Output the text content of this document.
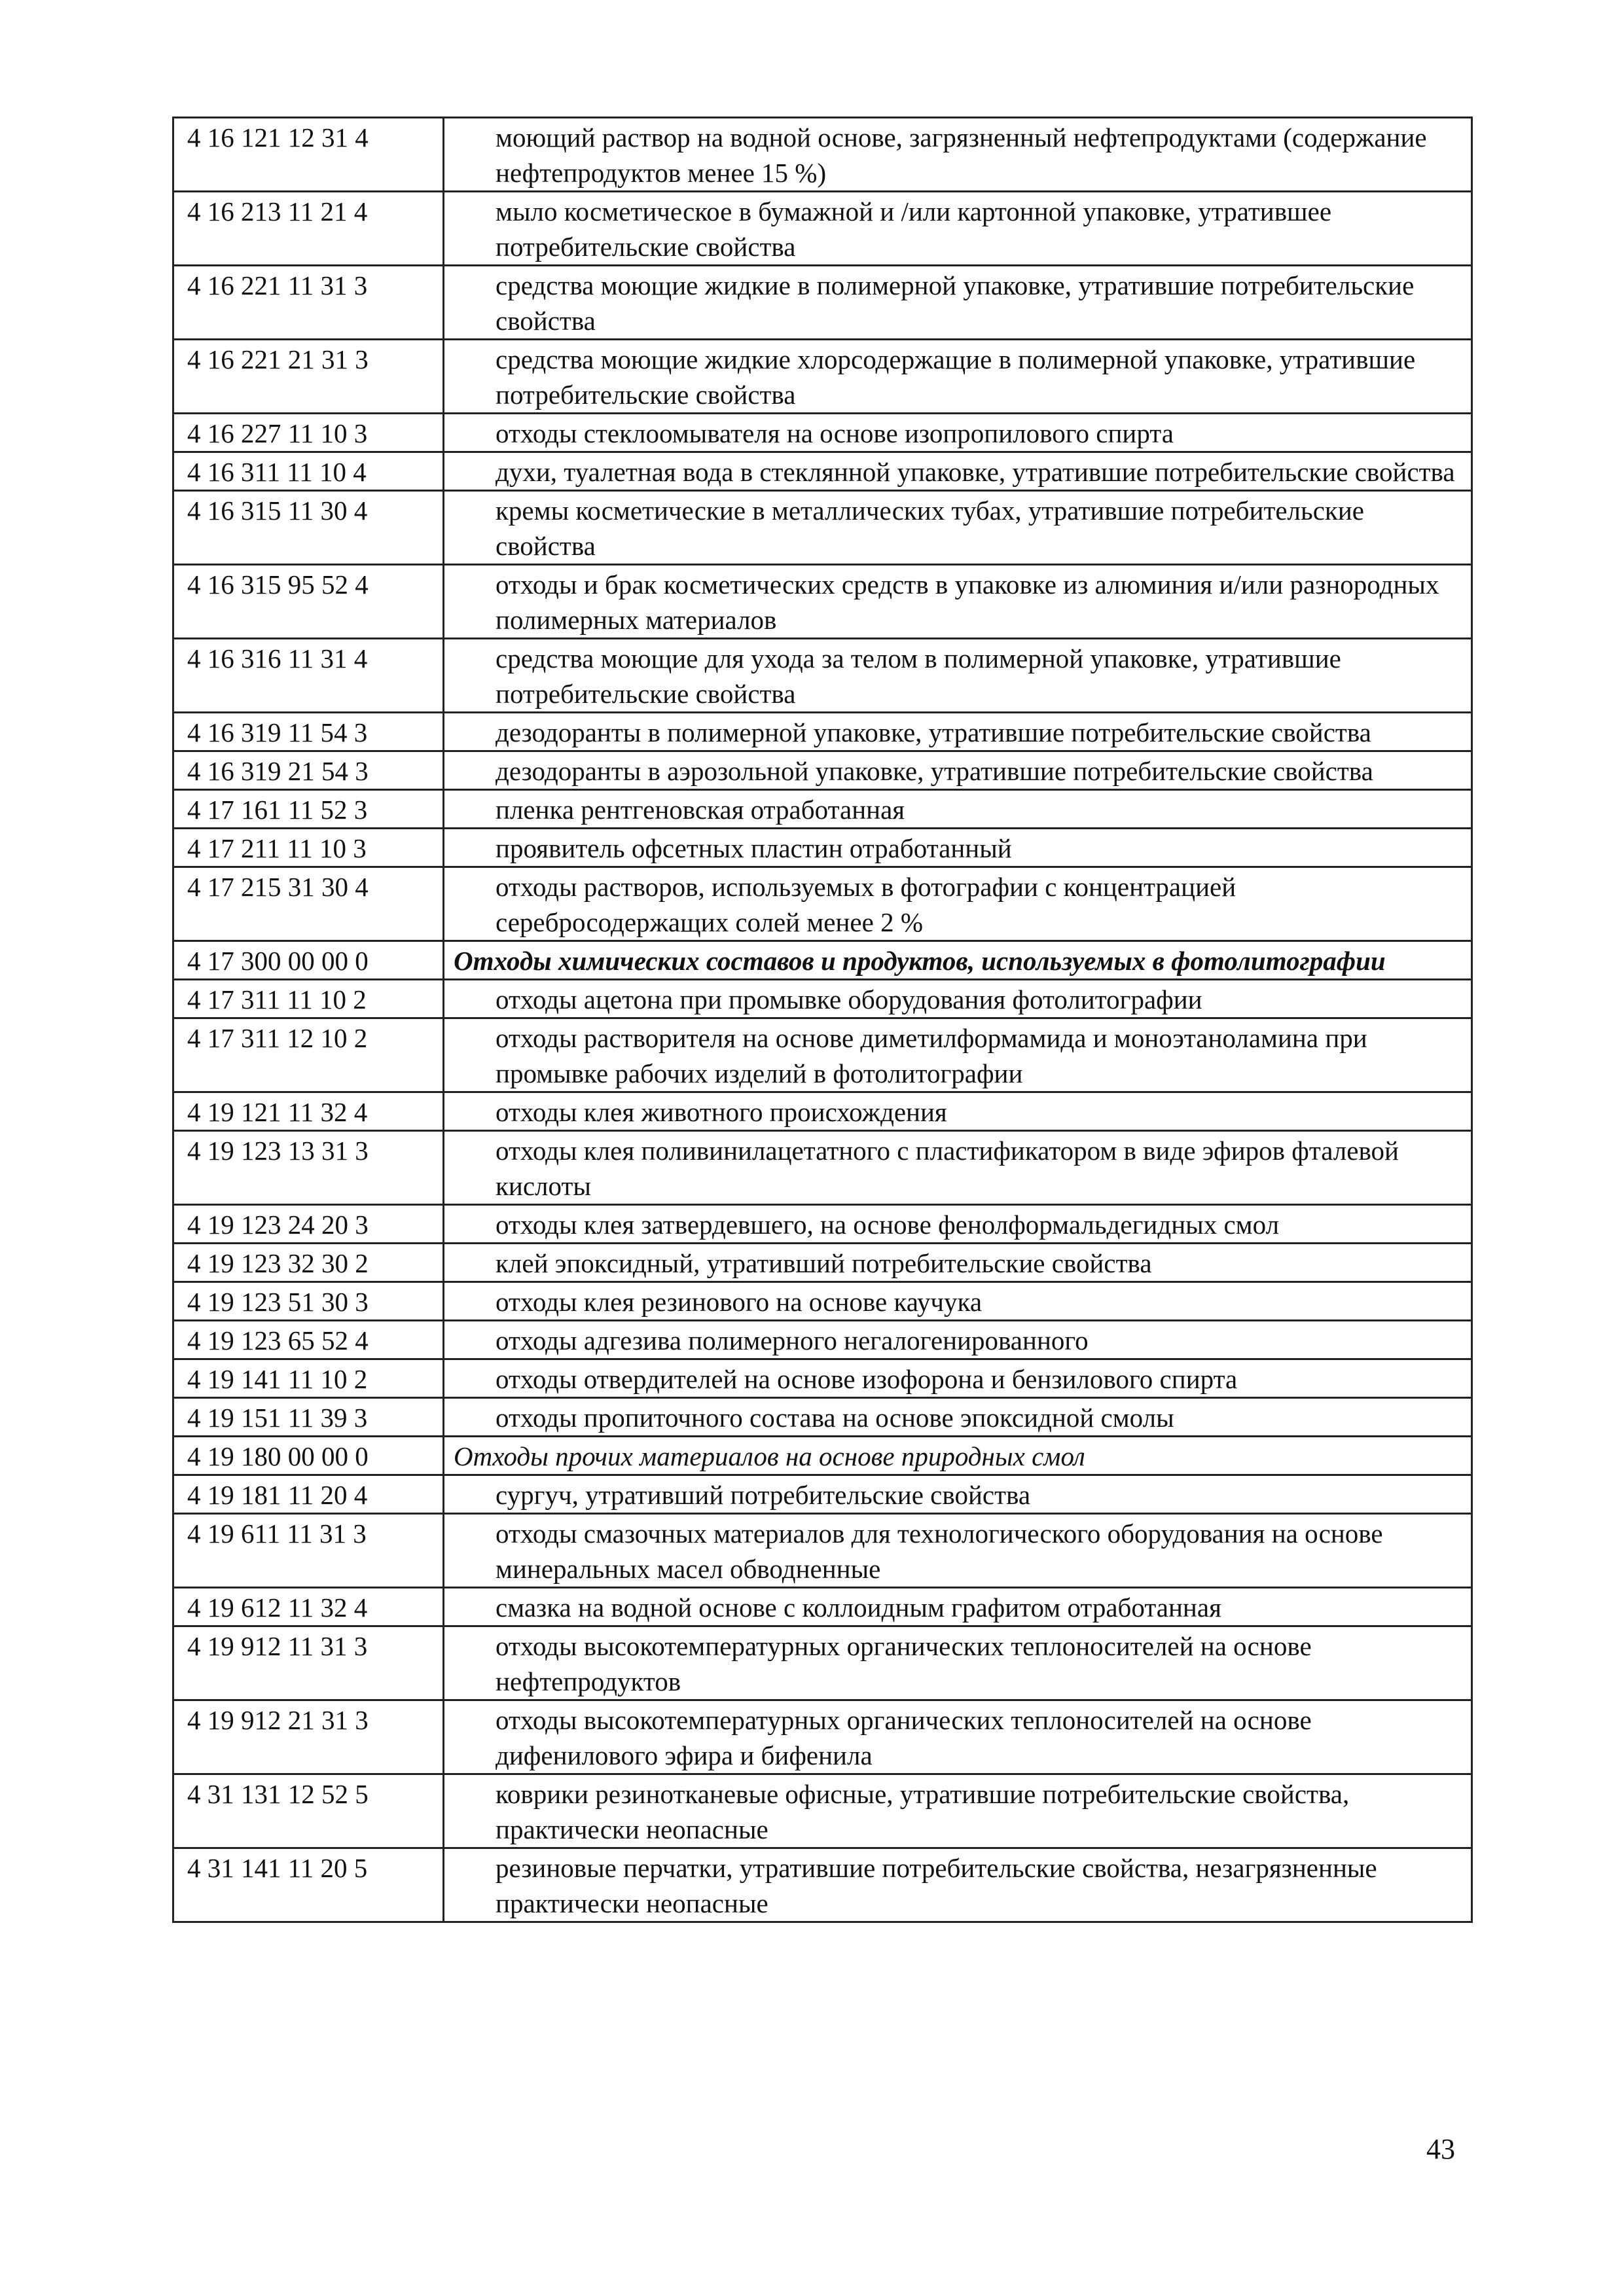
4 16 121 12 31 4	моющий раствор на водной основе, загрязненный нефтепродуктами (содержание нефтепродуктов менее 15 %)
4 16 213 11 21 4	мыло косметическое в бумажной и /или картонной упаковке, утратившее потребительские свойства
4 16 221 11 31 3	средства моющие жидкие в полимерной упаковке, утратившие потребительские свойства
4 16 221 21 31 3	средства моющие жидкие хлорсодержащие в полимерной упаковке, утратившие потребительские свойства
4 16 227 11 10 3	отходы стеклоомывателя на основе изопропилового спирта
4 16 311 11 10 4	духи, туалетная вода в стеклянной упаковке, утратившие потребительские свойства
4 16 315 11 30 4	кремы косметические в металлических тубах, утратившие потребительские свойства
4 16 315 95 52 4	отходы и брак косметических средств в упаковке из алюминия и/или разнородных полимерных материалов
4 16 316 11 31 4	средства моющие для ухода за телом в полимерной упаковке, утратившие потребительские свойства
4 16 319 11 54 3	дезодоранты в полимерной упаковке, утратившие потребительские свойства
4 16 319 21 54 3	дезодоранты в аэрозольной упаковке, утратившие потребительские свойства
4 17 161 11 52 3	пленка рентгеновская отработанная
4 17 211 11 10 3	проявитель офсетных пластин отработанный
4 17 215 31 30 4	отходы растворов, используемых в фотографии с концентрацией серебросодержащих солей менее 2 %
4 17 300 00 00 0	Отходы химических составов и продуктов, используемых в фотолитографии
4 17 311 11 10 2	отходы ацетона при промывке оборудования фотолитографии
4 17 311 12 10 2	отходы растворителя на основе диметилформамида и моноэтаноламина при промывке рабочих изделий в фотолитографии
4 19 121 11 32 4	отходы клея животного происхождения
4 19 123 13 31 3	отходы клея поливинилацетатного с пластификатором в виде эфиров фталевой кислоты
4 19 123 24 20 3	отходы клея затвердевшего, на основе фенолформальдегидных смол
4 19 123 32 30 2	клей эпоксидный, утративший потребительские свойства
4 19 123 51 30 3	отходы клея резинового на основе каучука
4 19 123 65 52 4	отходы адгезива полимерного негалогенированного
4 19 141 11 10 2	отходы отвердителей на основе изофорона и бензилового спирта
4 19 151 11 39 3	отходы пропиточного состава на основе эпоксидной смолы
4 19 180 00 00 0	Отходы прочих материалов на основе природных смол
4 19 181 11 20 4	сургуч, утративший потребительские свойства
4 19 611 11 31 3	отходы смазочных материалов для технологического оборудования на основе минеральных масел обводненные
4 19 612 11 32 4	смазка на водной основе с коллоидным графитом отработанная
4 19 912 11 31 3	отходы высокотемпературных органических теплоносителей на основе нефтепродуктов
4 19 912 21 31 3	отходы высокотемпературных органических теплоносителей на основе дифенилового эфира и бифенила
4 31 131 12 52 5	коврики резинотканевые офисные, утратившие потребительские свойства, практически неопасные
4 31 141 11 20 5	резиновые перчатки, утратившие потребительские свойства, незагрязненные практически неопасные
43
